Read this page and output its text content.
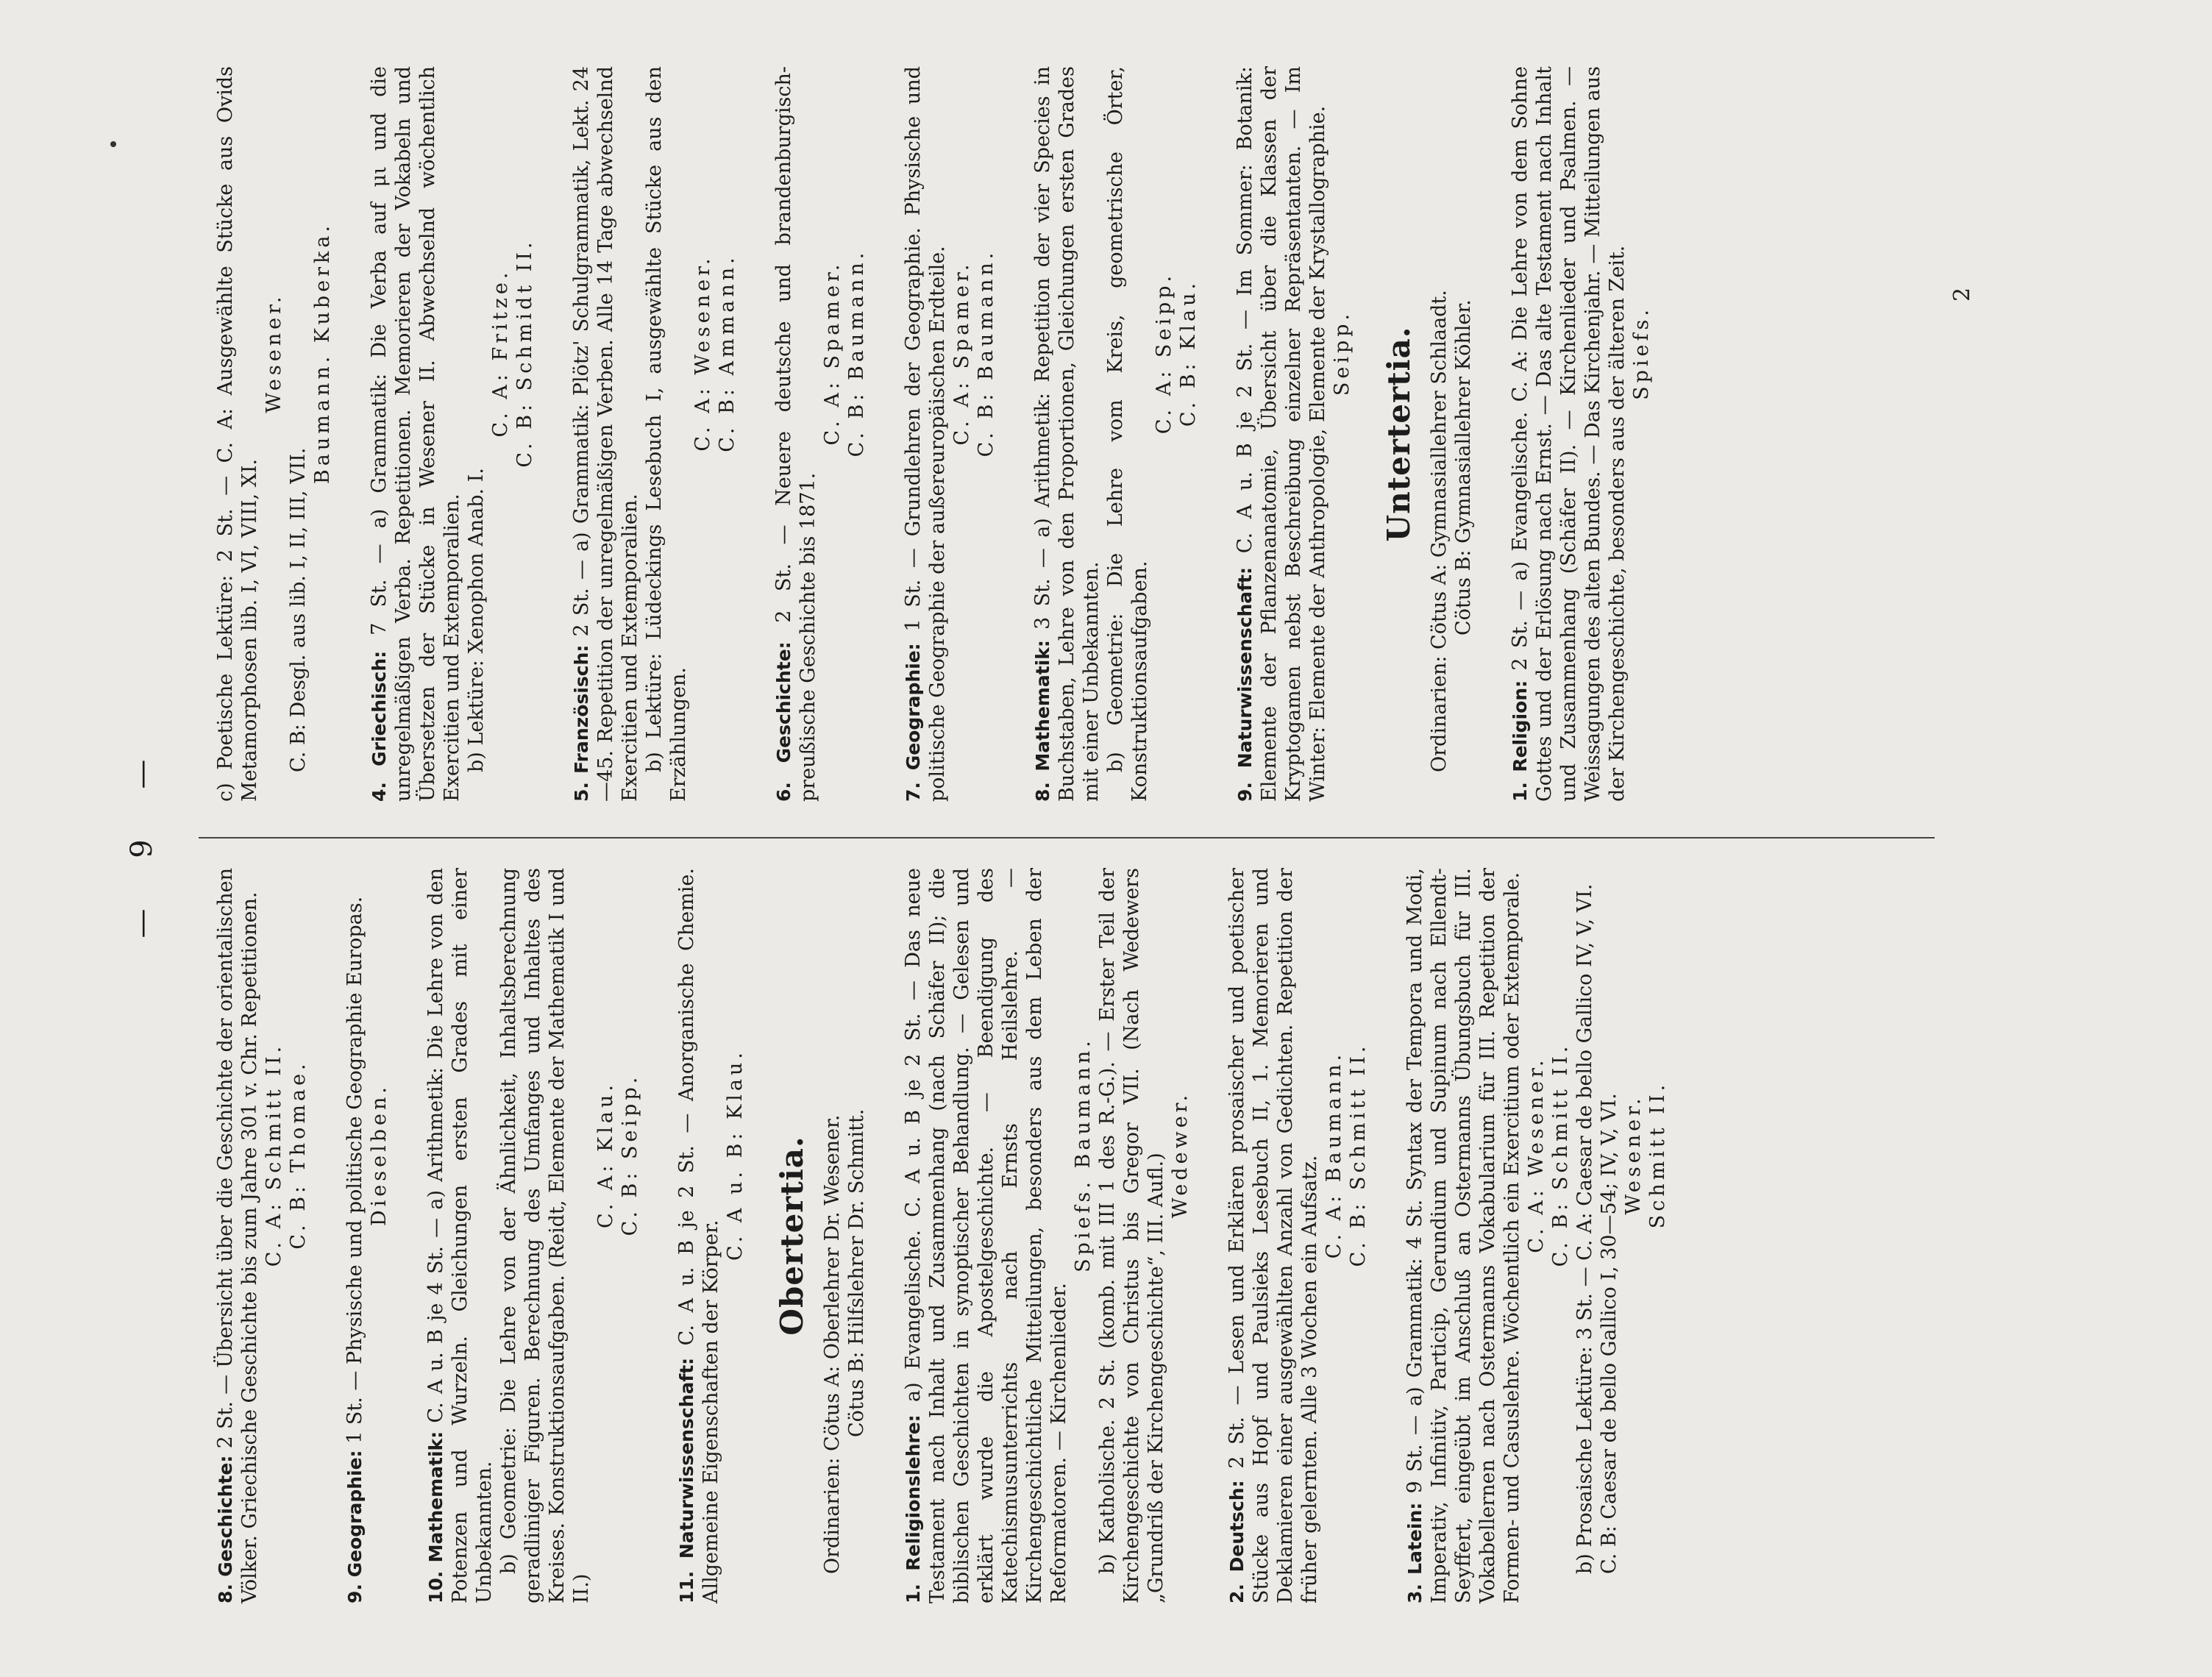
— 9 —

8. Geschichte: 2 St. — Übersicht über die Geschichte der orientalischen Völker. Griechische Geschichte bis zum Jahre 301 v. Chr. Repetitionen. C. A: Schmitt II. C. B: Thomae.

9. Geographie: 1 St. — Physische und politische Geographie Europas. Dieselben.

10. Mathematik: C. A u. B je 4 St. — a) Arithmetik: Die Lehre von den Potenzen und Wurzeln. Gleichungen ersten Grades mit einer Unbekannten. b) Geometrie: Die Lehre von der Ähnlichkeit, Inhaltsberechnung geradliniger Figuren. Berechnung des Umfanges und Inhaltes des Kreises. Konstruktionsaufgaben. (Reidt, Elemente der Mathematik I und II.)
C. A: Klau. C. B: Seipp.

11. Naturwissenschaft: C. A u. B je 2 St. — Anorganische Chemie. Allgemeine Eigenschaften der Körper.

C. A u. B: Klau. Obertertia.
Ordinarien: Cötus A: Oberlehrer Dr. Wesener. Cötus B: Hilfslehrer Dr. Schmitt.

1. Religionslehre: a) Evangelische. C. A u. B je 2 St. — Das neue Testament nach Inhalt und Zusammenhang (nach Schäfer II); die biblischen Geschichten in synoptischer Behandlung. — Gelesen und erklärt wurde die Apostelgeschichte. — Beendigung des Katechismusunterrichts nach Ernsts Heilslehre. — Kirchengeschichtliche Mitteilungen, besonders aus dem Leben der Reformatoren. — Kirchenlieder.

Spiefs. Baumann. b) Katholische. 2 St. (komb. mit III 1 des R.-G.). — Erster Teil der Kirchengeschichte von Christus bis Gregor VII. (Nach Wedewers „Grundriß der Kirchengeschichte“, III. Aufl.) Wedewer.

2. Deutsch: 2 St. — Lesen und Erklären prosaischer und poetischer Stücke aus Hopf und Paulsieks Lesebuch II, 1. Memorieren und Deklamieren einer ausgewählten Anzahl von Gedichten. Repetition der früher gelernten. Alle 3 Wochen ein Aufsatz.

C. A: Baumann. C. B: Schmitt II.

3. Latein: 9 St. — a) Grammatik: 4 St. Syntax der Tempora und Modi, Imperativ, Infinitiv, Particip, Gerundium und Supinum nach Ellendt-Seyffert, eingeübt im Anschluß an Ostermanns Übungsbuch für III. Vokabellernen nach Ostermanns Vokabularium für III. Repetition der Formen- und Casuslehre. Wöchentlich ein Exercitium oder Extemporale. C. A: Wesener. C. B: Schmitt II. b) Prosaische Lektüre: 3 St. — C. A: Caesar de bello Gallico IV, V, VI. C. B: Caesar de bello Gallico I, 30—54; IV, V, VI. Wesener. Schmitt II.

c) Poetische Lektüre: 2 St. — C. A: Ausgewählte Stücke aus Ovids Metamorphosen lib. I, VI, VIII, XI.

Wesener.
C. B: Desgl. aus lib. I, II, III, VII.
Baumann. Kuberka.

4. Griechisch: 7 St. — a) Grammatik: Die Verba auf μι und die unregelmäßigen Verba. Repetitionen. Memorieren der Vokabeln und Übersetzen der Stücke in Wesener II. Abwechselnd wöchentlich Exercitien und Extemporalien. b) Lektüre: Xenophon Anab. I.
C. A: Fritze. C. B: Schmidt II.

5. Französisch: 2 St. — a) Grammatik: Plötz' Schulgrammatik, Lekt. 24—45. Repetition der unregelmäßigen Verben. Alle 14 Tage abwechselnd Exercitien und Extemporalien. b) Lektüre: Lüdeckings Lesebuch I, ausgewählte Stücke aus den Erzählungen.
C. A: Wesener. C. B: Ammann.

6. Geschichte: 2 St. — Neuere deutsche und brandenburgisch-preußische Geschichte bis 1871.

C. A: Spamer. C. B: Baumann.

7. Geographie: 1 St. — Grundlehren der Geographie. Physische und politische Geographie der außereuropäischen Erdteile. C. A: Spamer. C. B: Baumann.

8. Mathematik: 3 St. — a) Arithmetik: Repetition der vier Species in Buchstaben, Lehre von den Proportionen, Gleichungen ersten Grades mit einer Unbekannten. b) Geometrie: Die Lehre vom Kreis, geometrische Örter, Konstruktionsaufgaben.
C. A: Seipp. C. B: Klau.

9. Naturwissenschaft: C. A u. B je 2 St. — Im Sommer: Botanik: Elemente der Pflanzenanatomie, Übersicht über die Klassen der Kryptogamen nebst Beschreibung einzelner Repräsentanten. — Im Winter: Elemente der Anthropologie, Elemente der Krystallographie. Seipp. Untertertia.
Ordinarien: Cötus A: Gymnasiallehrer Schlaadt. Cötus B: Gymnasiallehrer Köhler.

1. Religion: 2 St. — a) Evangelische. C. A: Die Lehre von dem Sohne Gottes und der Erlösung nach Ernst. — Das alte Testament nach Inhalt und Zusammenhang (Schäfer II). — Kirchenlieder und Psalmen. — Weissagungen des alten Bundes. — Das Kirchenjahr. — Mitteilungen aus der Kirchengeschichte, besonders aus der älteren Zeit. Spiefs.
2
